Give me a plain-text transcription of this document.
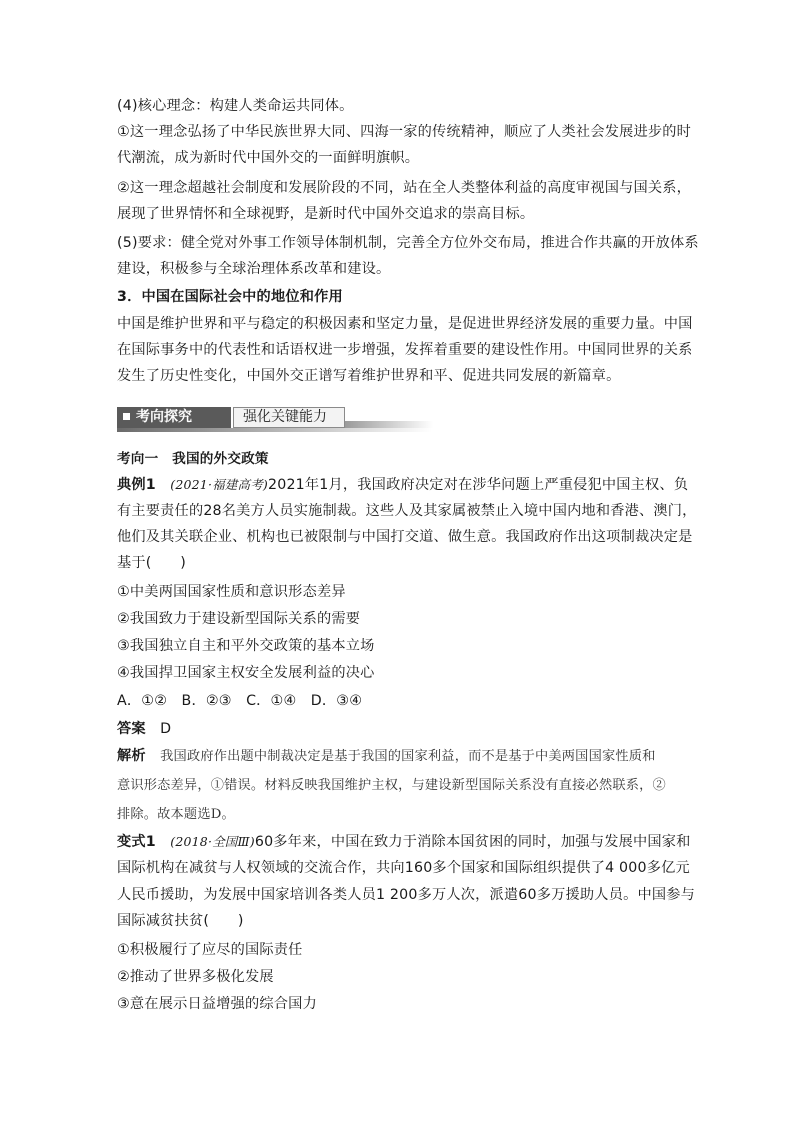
(4)核心理念：构建人类命运共同体。
①这一理念弘扬了中华民族世界大同、四海一家的传统精神，顺应了人类社会发展进步的时
代潮流，成为新时代中国外交的一面鲜明旗帜。
②这一理念超越社会制度和发展阶段的不同，站在全人类整体利益的高度审视国与国关系，
展现了世界情怀和全球视野，是新时代中国外交追求的崇高目标。
(5)要求：健全党对外事工作领导体制机制，完善全方位外交布局，推进合作共赢的开放体系
建设，积极参与全球治理体系改革和建设。
3．中国在国际社会中的地位和作用
中国是维护世界和平与稳定的积极因素和坚定力量，是促进世界经济发展的重要力量。中国
在国际事务中的代表性和话语权进一步增强，发挥着重要的建设性作用。中国同世界的关系
发生了历史性变化，中国外交正谱写着维护世界和平、促进共同发展的新篇章。
考向探究	强化关键能力
考向一　我国的外交政策
典例1　(2021·福建高考)2021年1月，我国政府决定对在涉华问题上严重侵犯中国主权、负
有主要责任的28名美方人员实施制裁。这些人及其家属被禁止入境中国内地和香港、澳门，
他们及其关联企业、机构也已被限制与中国打交道、做生意。我国政府作出这项制裁决定是
基于(　　)
①中美两国国家性质和意识形态差异
②我国致力于建设新型国际关系的需要
③我国独立自主和平外交政策的基本立场
④我国捍卫国家主权安全发展利益的决心
A．①②　B．②③　C．①④　D．③④
答案　D
解析　我国政府作出题中制裁决定是基于我国的国家利益，而不是基于中美两国国家性质和
意识形态差异，①错误。材料反映我国维护主权，与建设新型国际关系没有直接必然联系，②
排除。故本题选D。
变式1　(2018·全国Ⅲ)60多年来，中国在致力于消除本国贫困的同时，加强与发展中国家和
国际机构在减贫与人权领域的交流合作，共向160多个国家和国际组织提供了4 000多亿元
人民币援助，为发展中国家培训各类人员1 200多万人次，派遣60多万援助人员。中国参与
国际减贫扶贫(　　)
①积极履行了应尽的国际责任
②推动了世界多极化发展
③意在展示日益增强的综合国力
